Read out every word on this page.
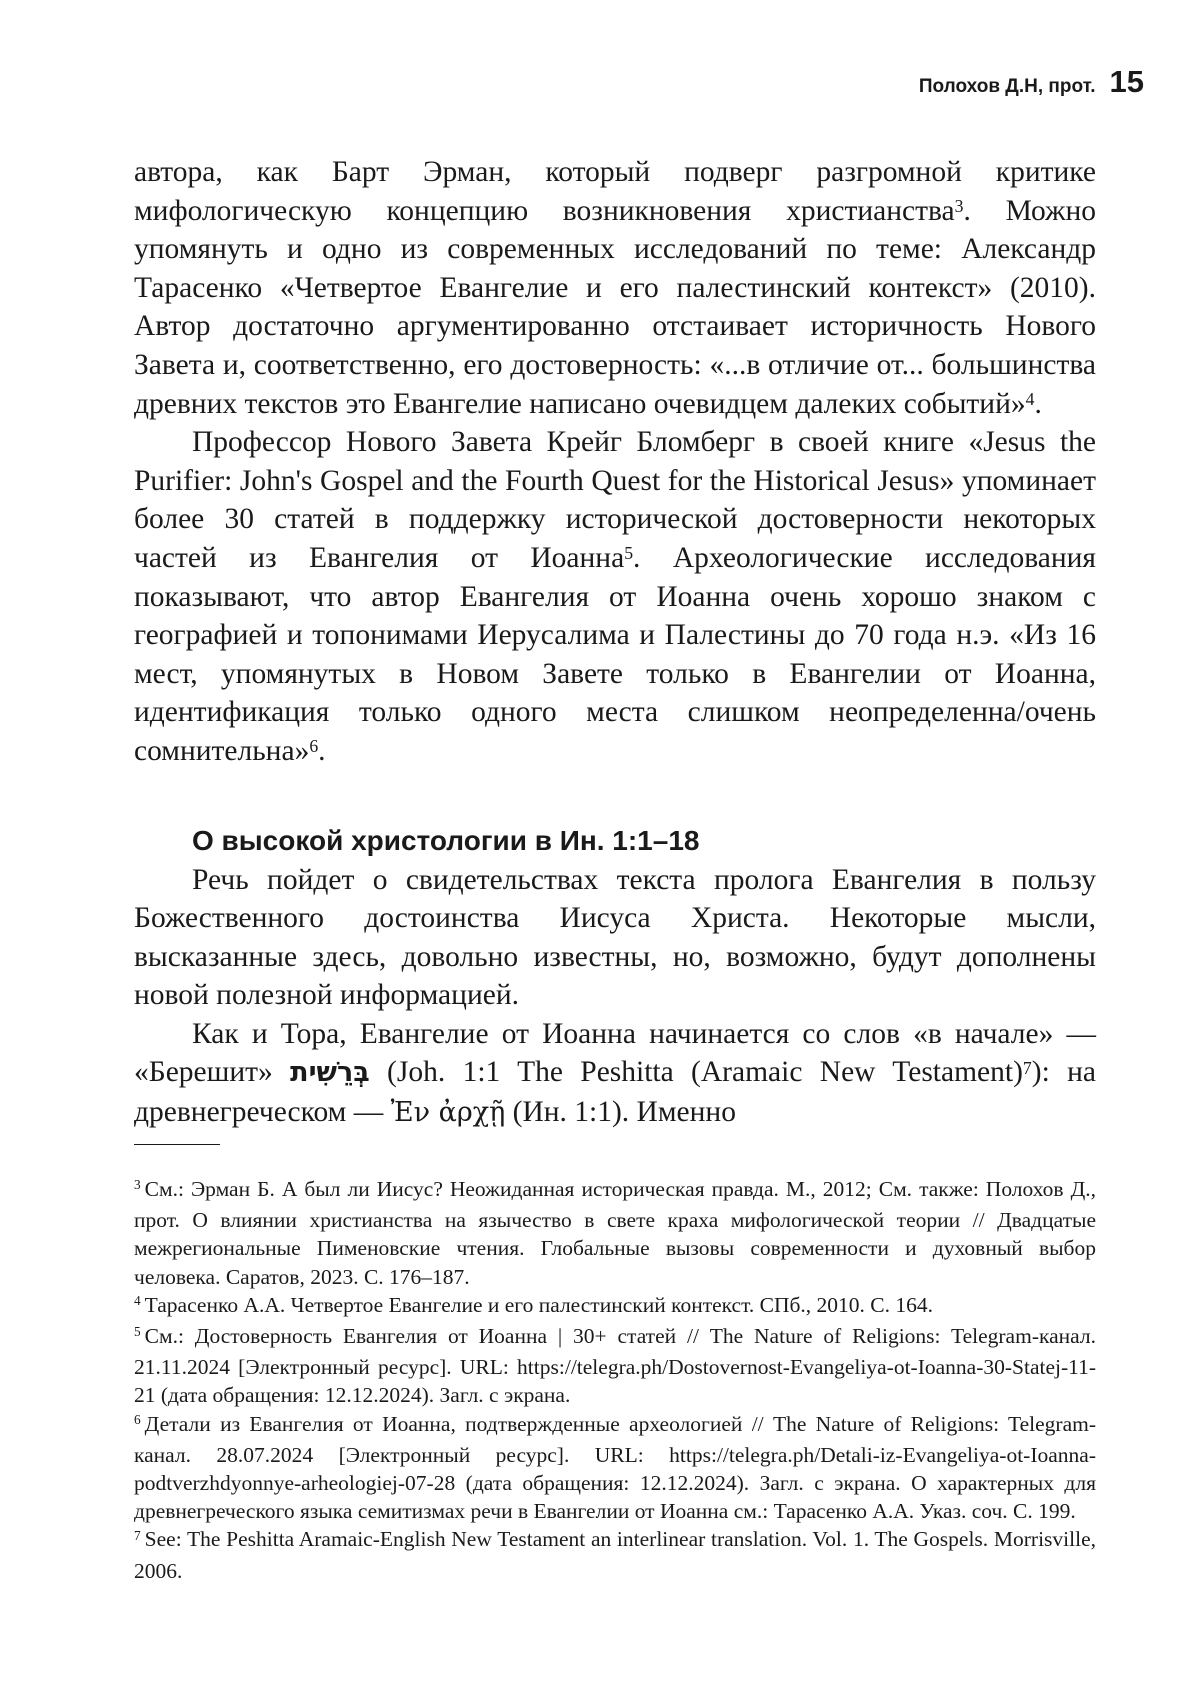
Полохов Д.Н, прот. 15

автора, как Барт Эрман, который подверг разгромной критике мифологическую концепцию возникновения христианства$^3$. Можно упомянуть и одно из современных исследований по теме: Александр Тарасенко «Четвертое Евангелие и его палестинский контекст» (2010). Автор достаточно аргументированно отстаивает историчность Нового Завета и, соответственно, его достоверность: «...в отличие от... большинства древних текстов это Евангелие написано очевидцем далеких событий»$^4$.

Профессор Нового Завета Крейг Бломберг в своей книге «Jesus the Purifier: John's Gospel and the Fourth Quest for the Historical Jesus» упоминает более 30 статей в поддержку исторической достоверности некоторых частей из Евангелия от Иоанна$^5$. Археологические исследования показывают, что автор Евангелия от Иоанна очень хорошо знаком с географией и топонимами Иерусалима и Палестины до 70 года н.э. «Из 16 мест, упомянутых в Новом Завете только в Евангелии от Иоанна, идентификация только одного места слишком неопределенна/очень сомнительна»$^6$.

О высокой христологии в Ин. 1:1–18

Речь пойдет о свидетельствах текста пролога Евангелия в пользу Божественного достоинства Иисуса Христа. Некоторые мысли, высказанные здесь, довольно известны, но, возможно, будут дополнены новой полезной информацией.

Как и Тора, Евангелие от Иоанна начинается со слов «в начале» — «Берешит» בְּרֵשִׁית (Joh. 1:1 The Peshitta (Aramaic New Testament)$^7$): на древнегреческом — Ἐν ἀρχῇ (Ин. 1:1). Именно

$^3$ См.: Эрман Б. А был ли Иисус? Неожиданная историческая правда. М., 2012; См. также: Полохов Д., прот. О влиянии христианства на язычество в свете краха мифологической теории // Двадцатые межрегиональные Пименовские чтения. Глобальные вызовы современности и духовный выбор человека. Саратов, 2023. С. 176–187.

$^4$ Тарасенко А.А. Четвертое Евангелие и его палестинский контекст. СПб., 2010. С. 164.

$^5$ См.: Достоверность Евангелия от Иоанна | 30+ статей // The Nature of Religions: Telegram-канал. 21.11.2024 [Электронный ресурс]. URL: https://telegra.ph/Dostovernost-Evangeliya-ot-Ioanna-30-Statej-11-21 (дата обращения: 12.12.2024). Загл. с экрана.

$^6$ Детали из Евангелия от Иоанна, подтвержденные археологией // The Nature of Religions: Telegram-канал. 28.07.2024 [Электронный ресурс]. URL: https://telegra.ph/Detali-iz-Evangeliya-ot-Ioanna-podtverzhdyonnye-arheologiej-07-28 (дата обращения: 12.12.2024). Загл. с экрана. О характерных для древнегреческого языка семитизмах речи в Евангелии от Иоанна см.: Тарасенко А.А. Указ. соч. С. 199.

$^7$ See: The Peshitta Aramaic-English New Testament an interlinear translation. Vol. 1. The Gospels. Morrisville, 2006.
